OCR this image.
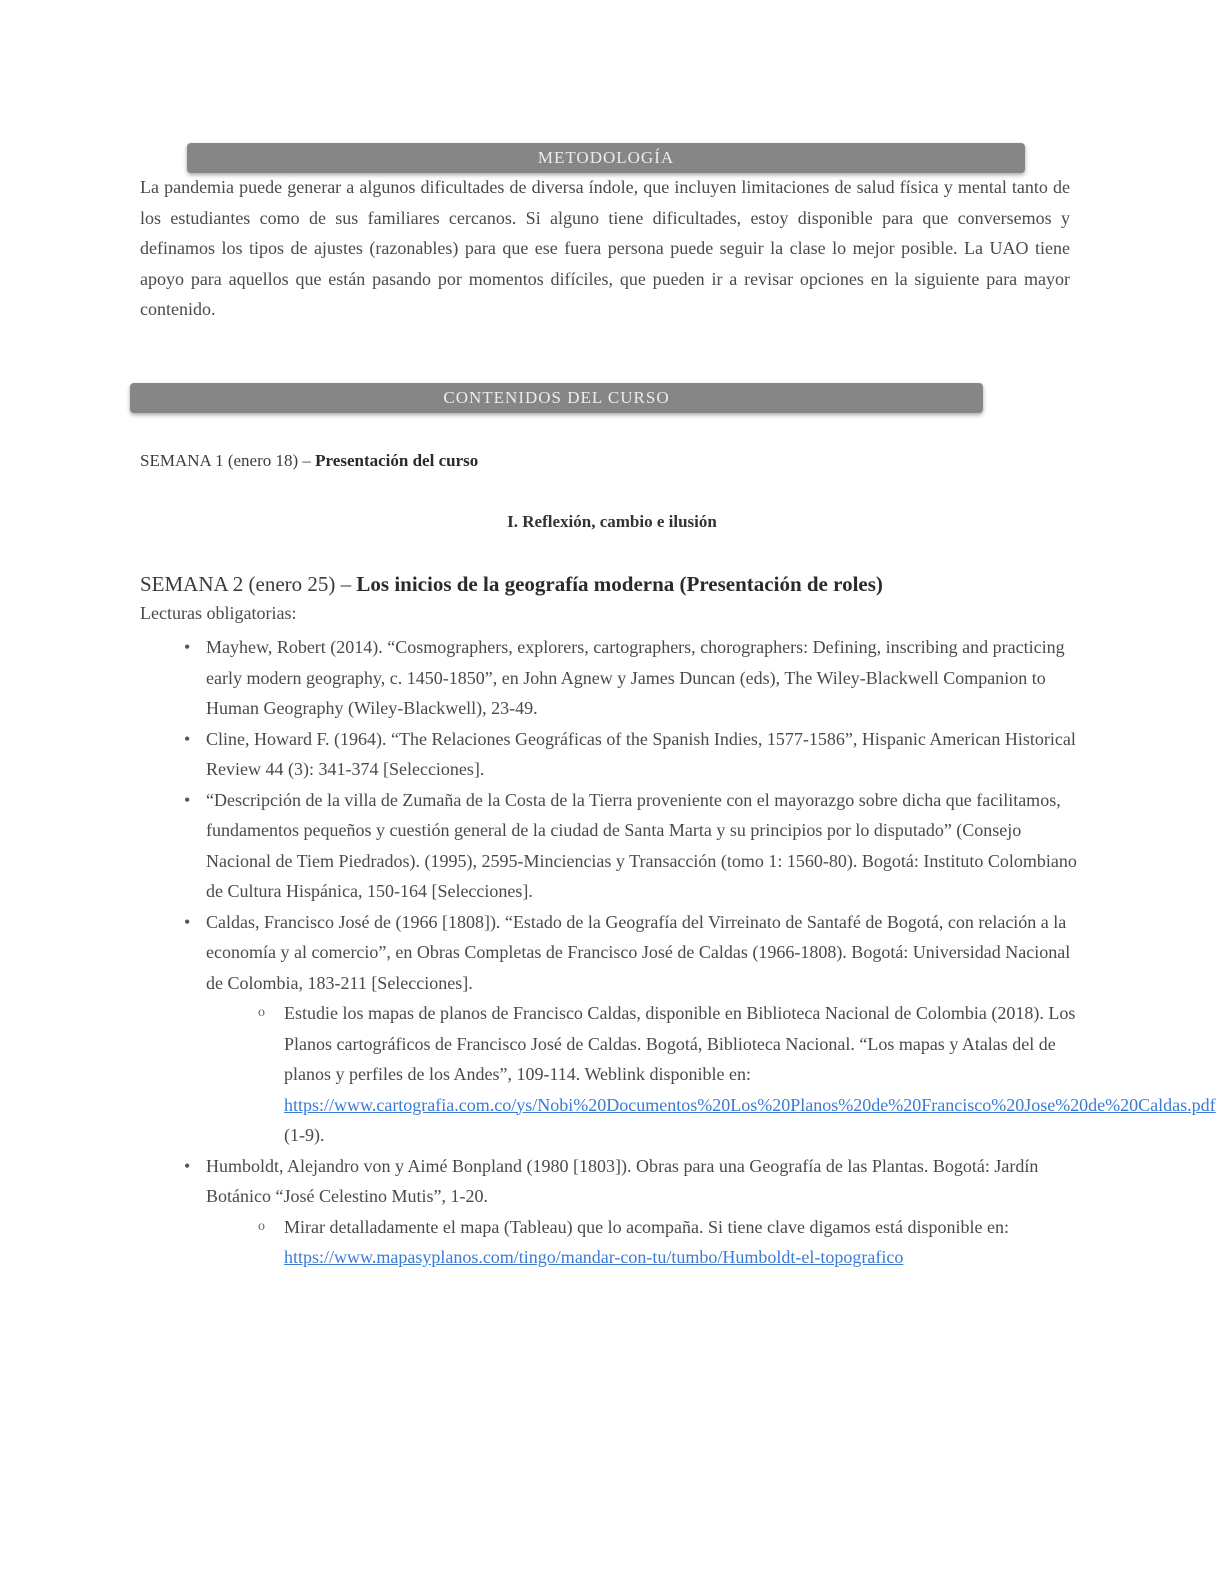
METODOLOGÍA
La pandemia puede generar a algunos dificultades de diversa índole, que incluyen limitaciones de salud física y mental tanto de los estudiantes como de sus familiares cercanos. Si alguno tiene dificultades, estoy disponible para que conversemos y definamos los tipos de ajustes (razonables) para que ese fuera persona puede seguir la clase lo mejor posible. La UAO tiene apoyo para aquellos que están pasando por momentos difíciles, que pueden ir a revisar opciones en la siguiente para mayor contenido.
CONTENIDOS DEL CURSO
SEMANA 1 (enero 18) – Presentación del curso
I. Reflexión, cambio e ilusión
SEMANA 2 (enero 25) – Los inicios de la geografía moderna (Presentación de roles)
Lecturas obligatorias:
• Mayhew, Robert (2014). “Cosmographers, explorers, cartographers, chorographers: Defining, inscribing and practicing early modern geography, c. 1450-1850”, en John Agnew y James Duncan (eds), The Wiley-Blackwell Companion to Human Geography (Wiley-Blackwell), 23-49.
• Cline, Howard F. (1964). “The Relaciones Geográficas of the Spanish Indies, 1577-1586”, Hispanic American Historical Review 44 (3): 341-374 [Selecciones].
• “Descripción de la villa de Zumaña de la Costa de la Tierra proveniente con el mayorazgo sobre dicha que facilitamos, fundamentos pequeños y cuestión general de la ciudad de Santa Marta y su principios por lo disputado” (Consejo Nacional de Tiem Piedrados). (1995), 2595-Minciencias y Transacción (tomo 1: 1560-80). Bogotá: Instituto Colombiano de Cultura Hispánica, 150-164 [Selecciones].
• Caldas, Francisco José de (1966 [1808]). “Estado de la Geografía del Virreinato de Santafé de Bogotá, con relación a la economía y al comercio”, en Obras Completas de Francisco José de Caldas (1966-1808). Bogotá: Universidad Nacional de Colombia, 183-211 [Selecciones].
o Estudie los mapas de planos de Francisco Caldas, disponible en Biblioteca Nacional de Colombia (2018). Los Planos cartográficos de Francisco José de Caldas. Bogotá, Biblioteca Nacional. “Los mapas y Atalas del de planos y perfiles de los Andes”, 109-114. Weblink disponible en: https://www.cartografia.com.co/ys/Nobi%20Documentos%20Los%20Planos%20de%20Francisco%20Jose%20de%20Caldas.pdf (1-9).
• Humboldt, Alejandro von y Aimé Bonpland (1980 [1803]). Obras para una Geografía de las Plantas. Bogotá: Jardín Botánico “José Celestino Mutis”, 1-20.
o Mirar detalladamente el mapa (Tableau) que lo acompaña. Si tiene clave digamos está disponible en: https://www.mapasyplanos.com/tingo/mandar-con-tu/tumbo/Humboldt-el-topografico
